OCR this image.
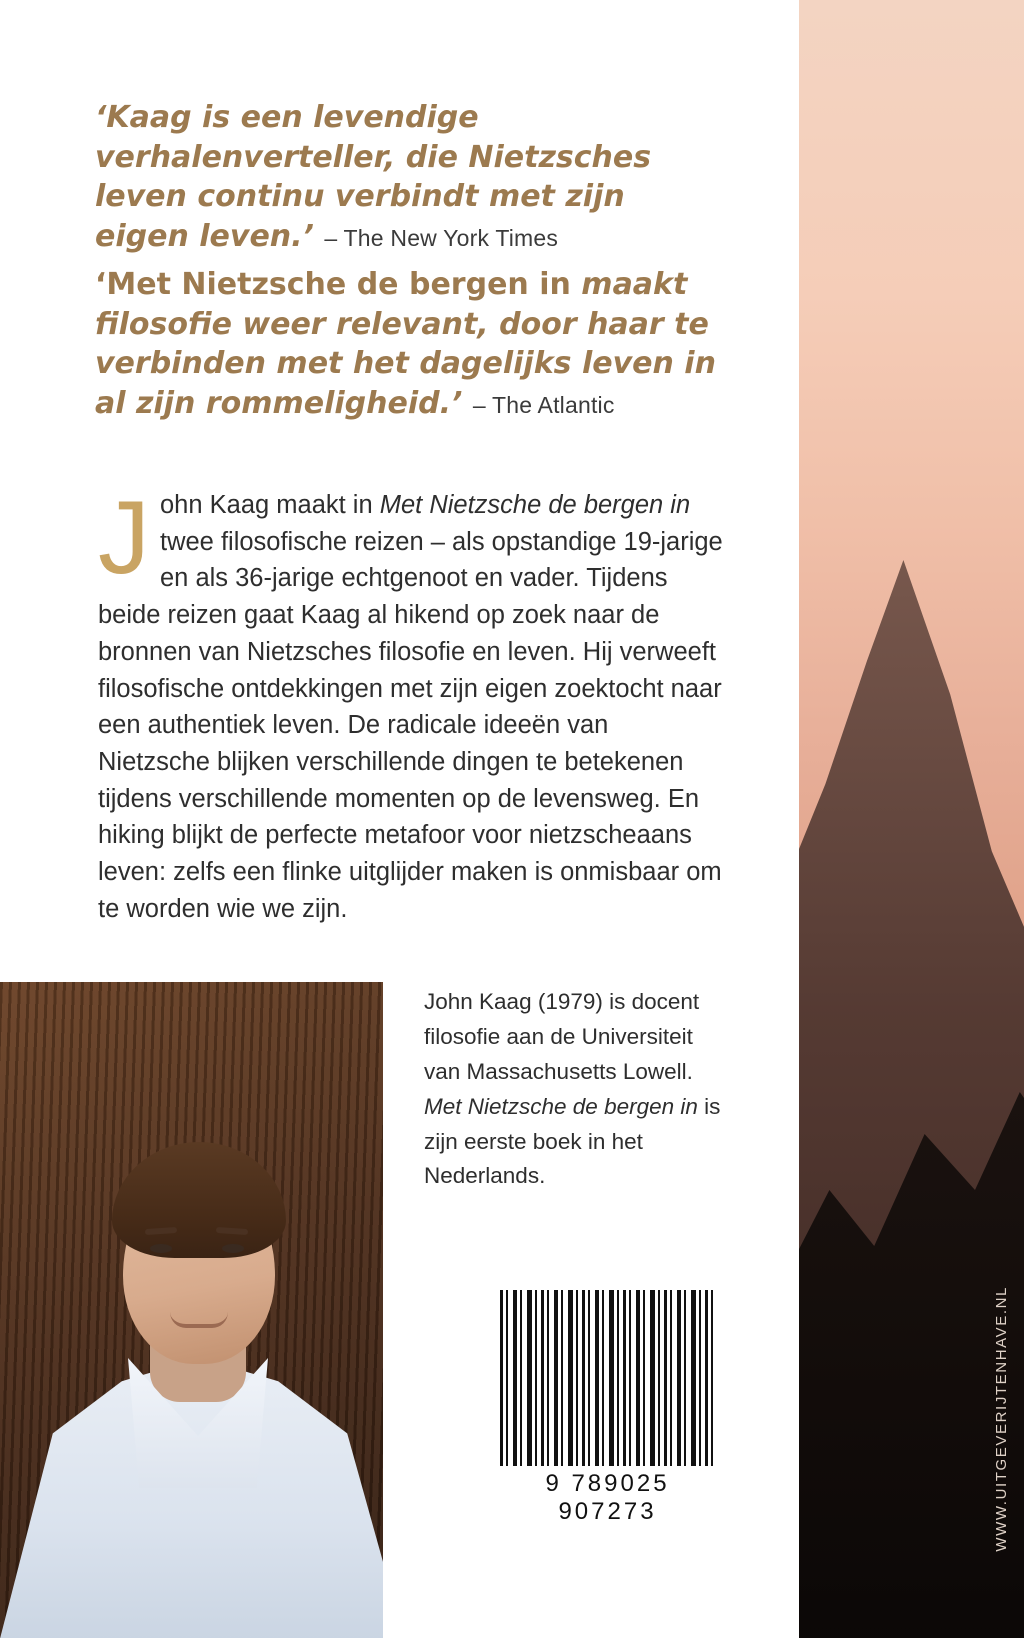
WWW.UITGEVERIJTENHAVE.NL

‘Kaag is een levendige verhalenverteller, die Nietzsches leven continu verbindt met zijn eigen leven.’ – The New York Times

‘Met Nietzsche de bergen in maakt filosofie weer relevant, door haar te verbinden met het dagelijks leven in al zijn rommeligheid.’ – The Atlantic

John Kaag maakt in Met Nietzsche de bergen in twee filosofische reizen – als opstandige 19-jarige en als 36-jarige echtgenoot en vader. Tijdens beide reizen gaat Kaag al hikend op zoek naar de bronnen van Nietzsches filosofie en leven. Hij verweeft filosofische ontdekkingen met zijn eigen zoektocht naar een authentiek leven. De radicale ideeën van Nietzsche blijken verschillende dingen te betekenen tijdens verschillende momenten op de levensweg. En hiking blijkt de perfecte metafoor voor nietzscheaans leven: zelfs een flinke uitglijder maken is onmisbaar om te worden wie we zijn.
John Kaag (1979) is docent filosofie aan de Universiteit van Massachusetts Lowell. Met Nietzsche de bergen in is zijn eerste boek in het Nederlands.
9 789025 907273
